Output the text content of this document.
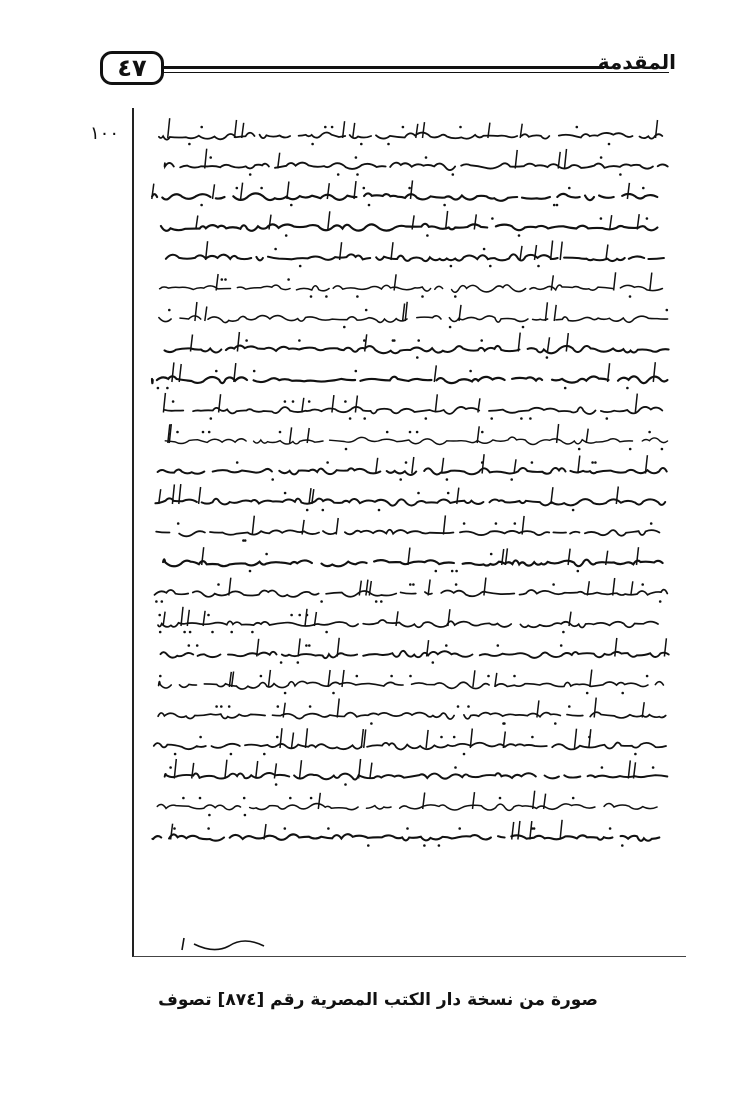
٤٧	المقدمة
١٠٠
صورة من نسخة دار الكتب المصرية رقم [٨٧٤] تصوف
